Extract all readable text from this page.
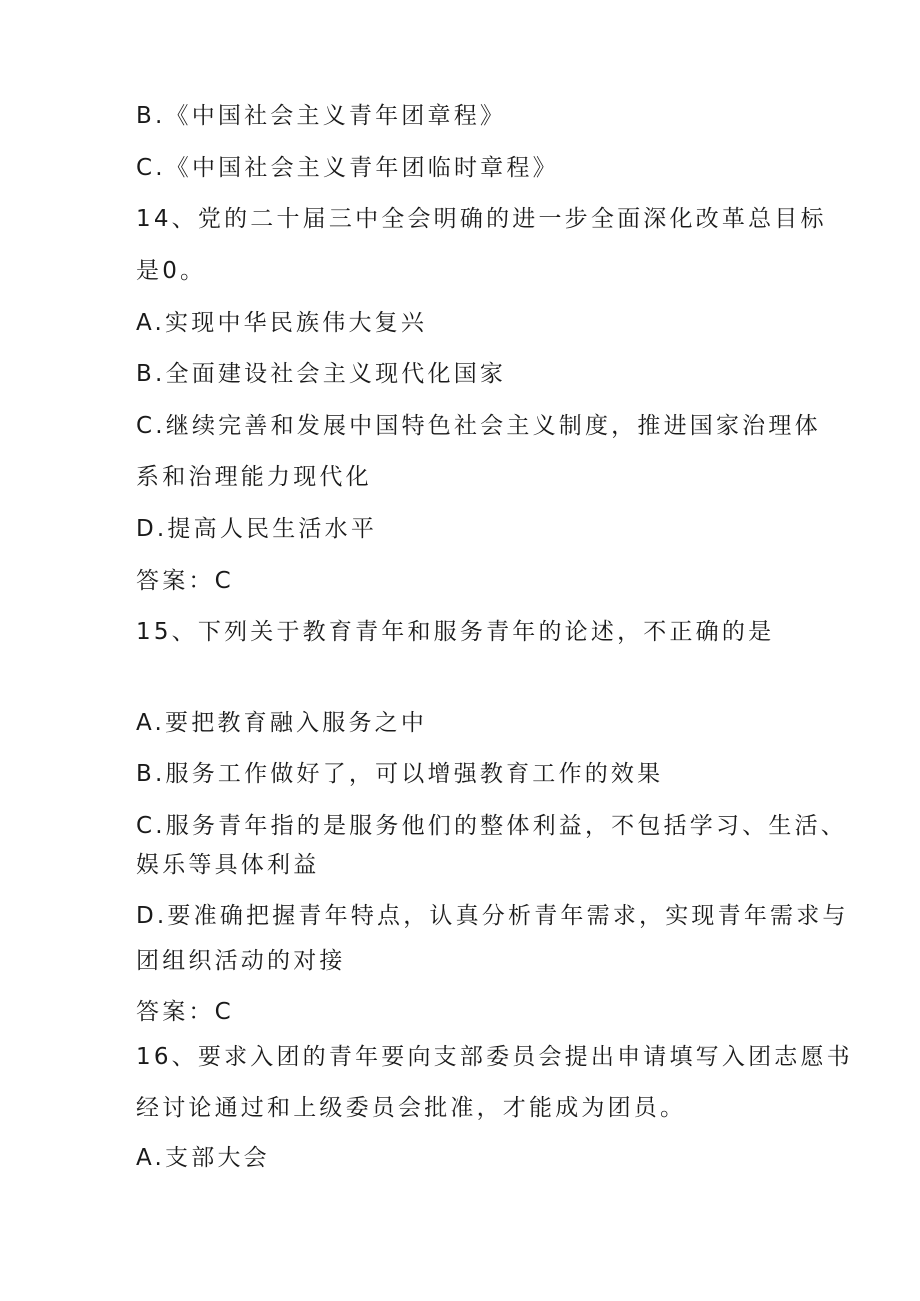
B.《中国社会主义青年团章程》
C.《中国社会主义青年团临时章程》
14、党的二十届三中全会明确的进一步全面深化改革总目标
是0。
A.实现中华民族伟大复兴
B.全面建设社会主义现代化国家
C.继续完善和发展中国特色社会主义制度，推进国家治理体
系和治理能力现代化
D.提高人民生活水平
答案：C
15、下列关于教育青年和服务青年的论述，不正确的是
A.要把教育融入服务之中
B.服务工作做好了，可以增强教育工作的效果
C.服务青年指的是服务他们的整体利益，不包括学习、生活、
娱乐等具体利益
D.要准确把握青年特点，认真分析青年需求，实现青年需求与
团组织活动的对接
答案：C
16、要求入团的青年要向支部委员会提出申请填写入团志愿书
经讨论通过和上级委员会批准，才能成为团员。
A.支部大会
